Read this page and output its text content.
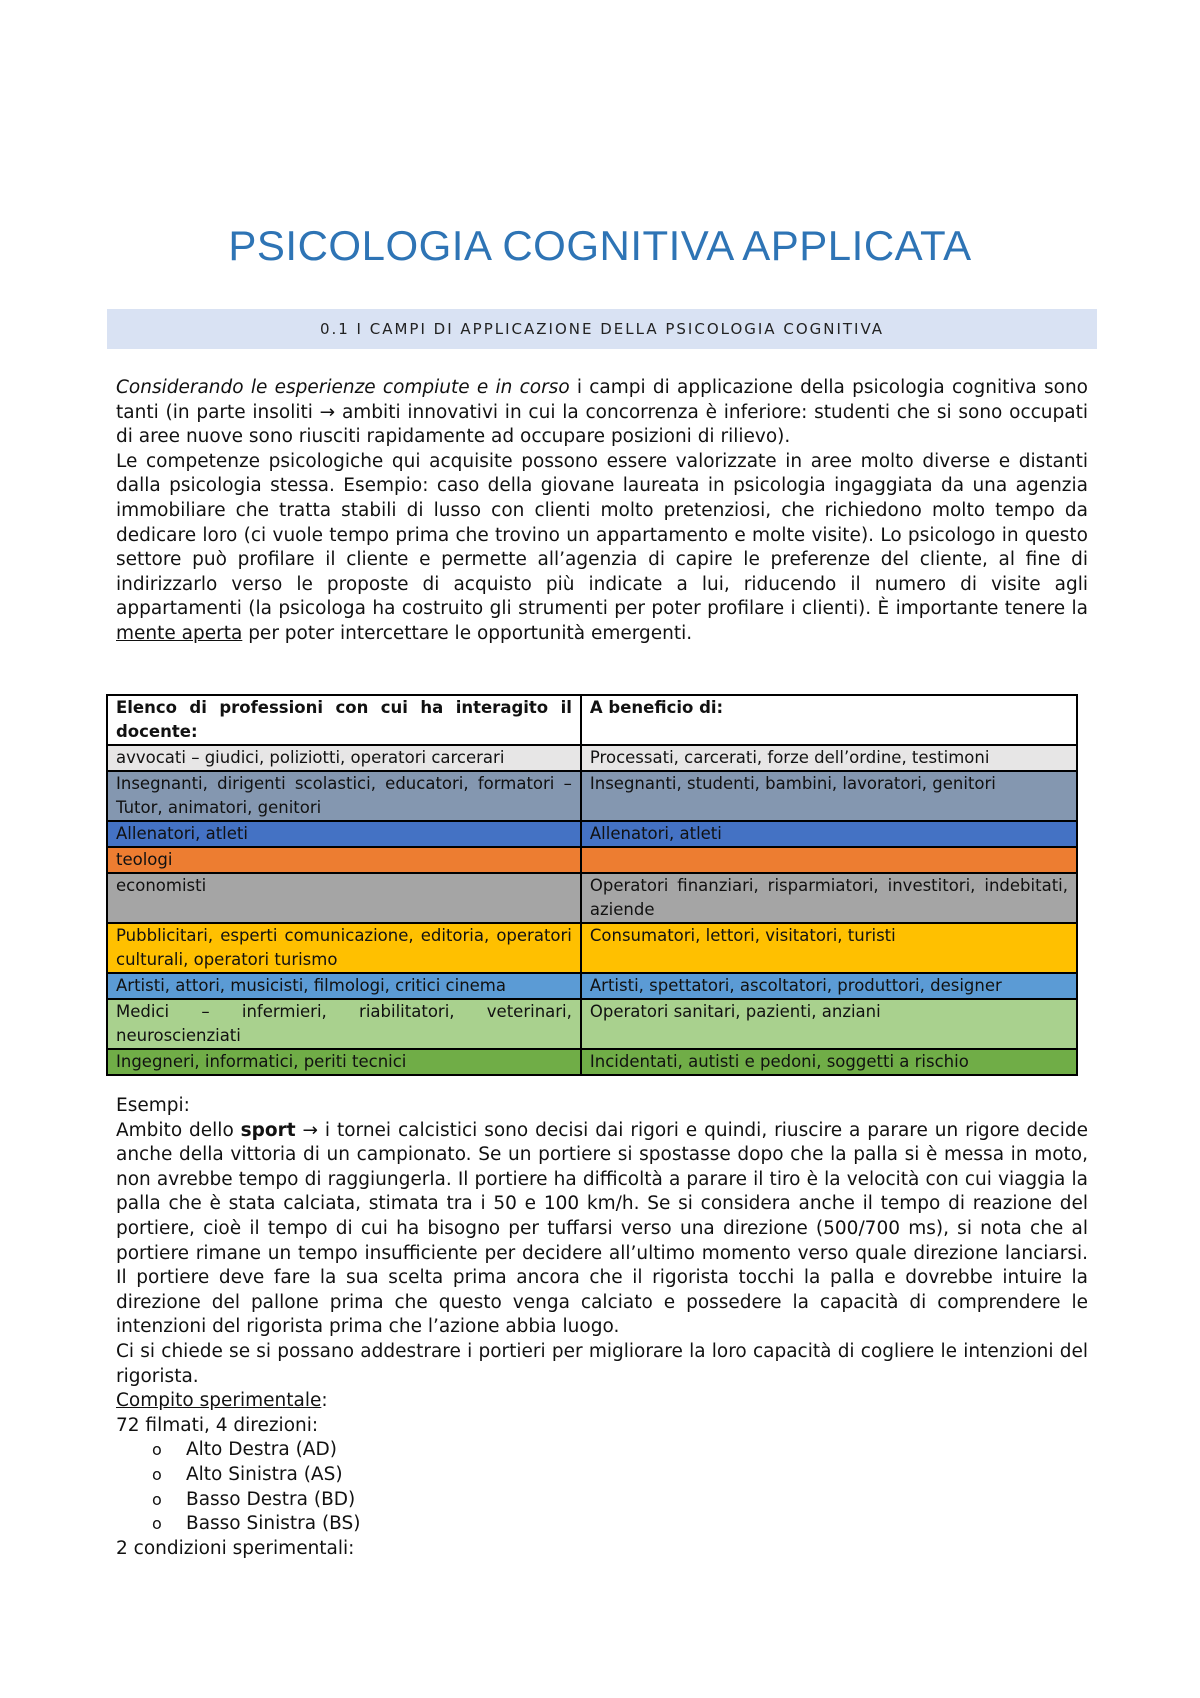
PSICOLOGIA COGNITIVA APPLICATA
0.1 I CAMPI DI APPLICAZIONE DELLA PSICOLOGIA COGNITIVA

Considerando le esperienze compiute e in corso i campi di applicazione della psicologia cognitiva sono tanti (in parte insoliti → ambiti innovativi in cui la concorrenza è inferiore: studenti che si sono occupati di aree nuove sono riusciti rapidamente ad occupare posizioni di rilievo).

Le competenze psicologiche qui acquisite possono essere valorizzate in aree molto diverse e distanti dalla psicologia stessa. Esempio: caso della giovane laureata in psicologia ingaggiata da una agenzia immobiliare che tratta stabili di lusso con clienti molto pretenziosi, che richiedono molto tempo da dedicare loro (ci vuole tempo prima che trovino un appartamento e molte visite). Lo psicologo in questo settore può profilare il cliente e permette all’agenzia di capire le preferenze del cliente, al fine di indirizzarlo verso le proposte di acquisto più indicate a lui, riducendo il numero di visite agli appartamenti (la psicologa ha costruito gli strumenti per poter profilare i clienti). È importante tenere la mente aperta per poter intercettare le opportunità emergenti.

Elenco di professioni con cui ha interagito il docente:	A beneficio di:
avvocati – giudici, poliziotti, operatori carcerari	Processati, carcerati, forze dell’ordine, testimoni
Insegnanti, dirigenti scolastici, educatori, formatori – Tutor, animatori, genitori	Insegnanti, studenti, bambini, lavoratori, genitori
Allenatori, atleti	Allenatori, atleti
teologi	
economisti	Operatori finanziari, risparmiatori, investitori, indebitati, aziende
Pubblicitari, esperti comunicazione, editoria, operatori culturali, operatori turismo	Consumatori, lettori, visitatori, turisti
Artisti, attori, musicisti, filmologi, critici cinema	Artisti, spettatori, ascoltatori, produttori, designer
Medici – infermieri, riabilitatori, veterinari, neuroscienziati	Operatori sanitari, pazienti, anziani
Ingegneri, informatici, periti tecnici	Incidentati, autisti e pedoni, soggetti a rischio

Esempi:

Ambito dello sport → i tornei calcistici sono decisi dai rigori e quindi, riuscire a parare un rigore decide anche della vittoria di un campionato. Se un portiere si spostasse dopo che la palla si è messa in moto, non avrebbe tempo di raggiungerla. Il portiere ha difficoltà a parare il tiro è la velocità con cui viaggia la palla che è stata calciata, stimata tra i 50 e 100 km/h. Se si considera anche il tempo di reazione del portiere, cioè il tempo di cui ha bisogno per tuffarsi verso una direzione (500/700 ms), si nota che al portiere rimane un tempo insufficiente per decidere all’ultimo momento verso quale direzione lanciarsi. Il portiere deve fare la sua scelta prima ancora che il rigorista tocchi la palla e dovrebbe intuire la direzione del pallone prima che questo venga calciato e possedere la capacità di comprendere le intenzioni del rigorista prima che l’azione abbia luogo.

Ci si chiede se si possano addestrare i portieri per migliorare la loro capacità di cogliere le intenzioni del rigorista.

Compito sperimentale:

72 filmati, 4 direzioni:

o	Alto Destra (AD)
o	Alto Sinistra (AS)
o	Basso Destra (BD)
o	Basso Sinistra (BS)

2 condizioni sperimentali:
